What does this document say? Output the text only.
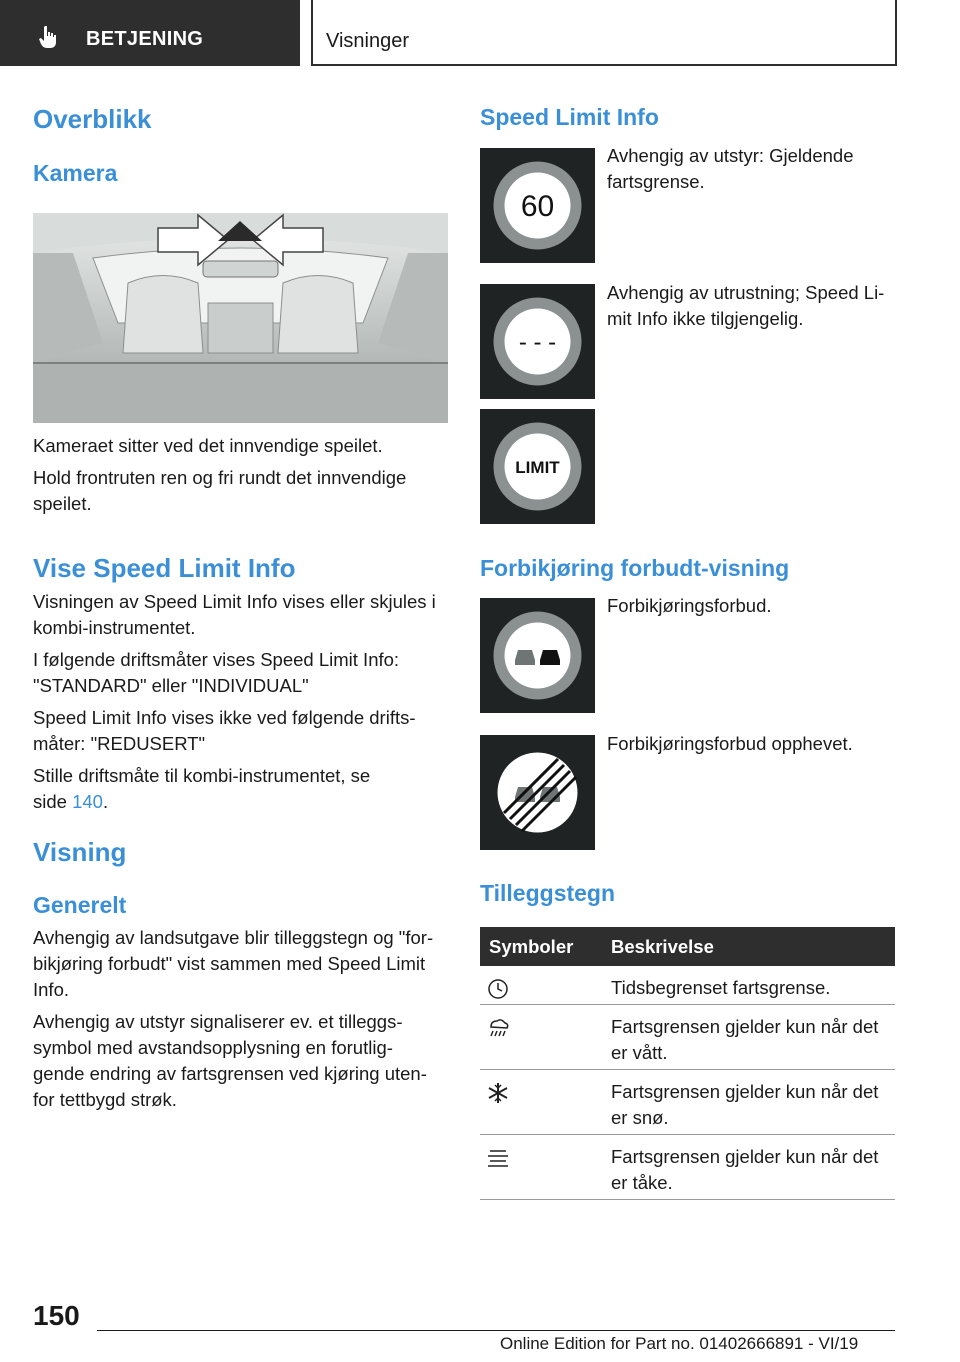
BETJENING	Visninger
Overblikk
Kamera
Kameraet sitter ved det innvendige speilet.
Hold frontruten ren og fri rundt det innvendige
speilet.
Vise Speed Limit Info
Visningen av Speed Limit Info vises eller skjules i
kombi-instrumentet.
I følgende driftsmåter vises Speed Limit Info:
"STANDARD" eller "INDIVIDUAL"
Speed Limit Info vises ikke ved følgende drifts-
måter: "REDUSERT"
Stille driftsmåte til kombi-instrumentet, se
side 140.
Visning
Generelt
Avhengig av landsutgave blir tilleggstegn og "for-
bikjøring forbudt" vist sammen med Speed Limit
Info.
Avhengig av utstyr signaliserer ev. et tilleggs-
symbol med avstandsopplysning en forutlig-
gende endring av fartsgrensen ved kjøring uten-
for tettbygd strøk.
Speed Limit Info
60
Avhengig av utstyr: Gjeldende
fartsgrense.
- - -
Avhengig av utrustning; Speed Li-
mit Info ikke tilgjengelig.
LIMIT
Forbikjøring forbudt-visning
Forbikjøringsforbud.
Forbikjøringsforbud opphevet.
Tilleggstegn
Symboler Beskrivelse
Tidsbegrenset fartsgrense.
Fartsgrensen gjelder kun når det
er vått.
Fartsgrensen gjelder kun når det
er snø.
Fartsgrensen gjelder kun når det
er tåke.
150
Online Edition for Part no. 01402666891 - VI/19
